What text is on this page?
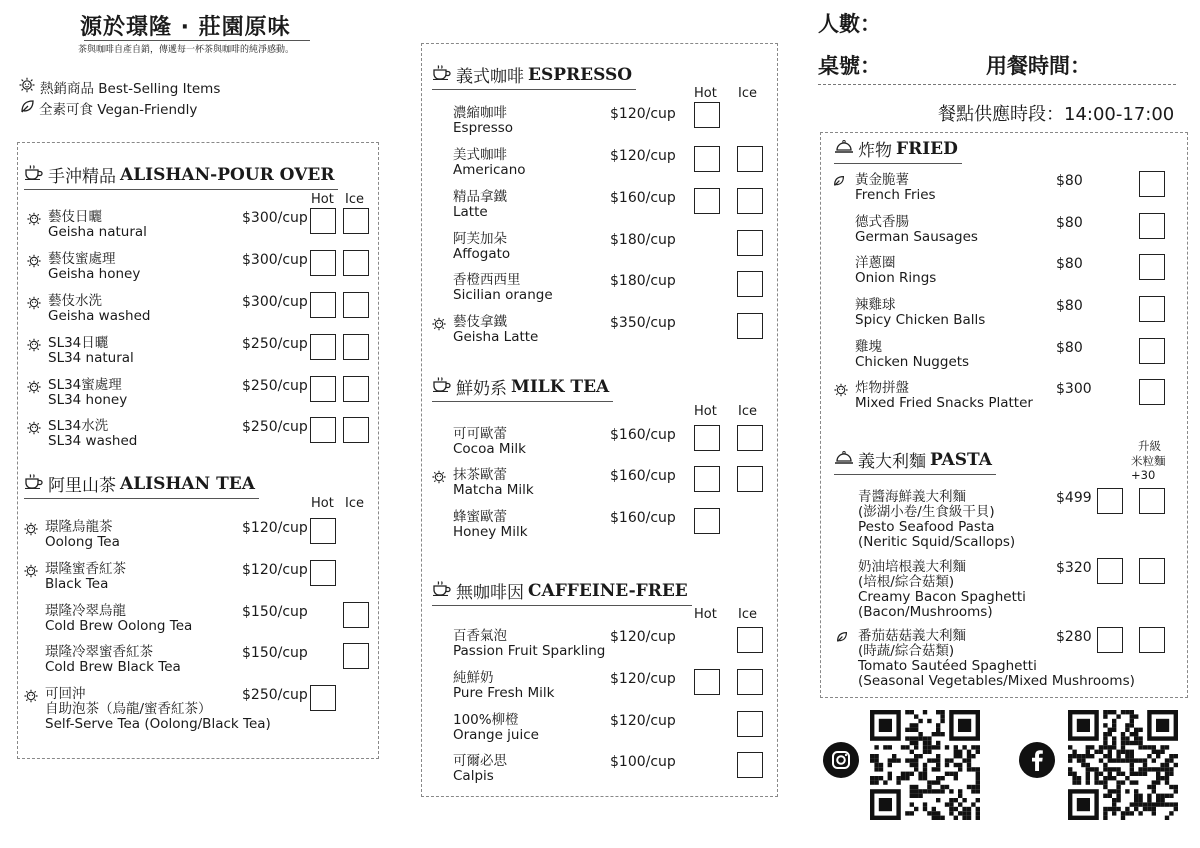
源於璟隆 · 莊園原味
茶與咖啡自產自銷，傳遞每一杯茶與咖啡的純淨感動。
熱銷商品 Best-Selling Items
全素可食 Vegan-Friendly
人數：
桌號：	用餐時間：
餐點供應時段：14:00-17:00
手沖精品 ALISHAN-POUR OVER
Hot Ice
藝伎日曬
Geisha natural
$300/cup
藝伎蜜處理
Geisha honey
$300/cup
藝伎水洗
Geisha washed
$300/cup
SL34日曬
SL34 natural
$250/cup
SL34蜜處理
SL34 honey
$250/cup
SL34水洗
SL34 washed
$250/cup
阿里山茶 ALISHAN TEA
Hot Ice
璟隆烏龍茶
Oolong Tea
$120/cup
璟隆蜜香紅茶
Black Tea
$120/cup
璟隆冷翠烏龍
Cold Brew Oolong Tea
$150/cup
璟隆冷翠蜜香紅茶
Cold Brew Black Tea
$150/cup
可回沖
自助泡茶（烏龍/蜜香紅茶）
Self-Serve Tea (Oolong/Black Tea)
$250/cup
義式咖啡 ESPRESSO
Hot Ice
濃縮咖啡
Espresso
$120/cup
美式咖啡
Americano
$120/cup
精品拿鐵
Latte
$160/cup
阿芙加朵
Affogato
$180/cup
香橙西西里
Sicilian orange
$180/cup
藝伎拿鐵
Geisha Latte
$350/cup
鮮奶系 MILK TEA
Hot Ice
可可歐蕾
Cocoa Milk
$160/cup
抹茶歐蕾
Matcha Milk
$160/cup
蜂蜜歐蕾
Honey Milk
$160/cup
無咖啡因 CAFFEINE-FREE
Hot Ice
百香氣泡
Passion Fruit Sparkling
$120/cup
純鮮奶
Pure Fresh Milk
$120/cup
100%柳橙
Orange juice
$120/cup
可爾必思
Calpis
$100/cup
炸物 FRIED
黃金脆薯
French Fries
$80
德式香腸
German Sausages
$80
洋蔥圈
Onion Rings
$80
辣雞球
Spicy Chicken Balls
$80
雞塊
Chicken Nuggets
$80
炸物拼盤
Mixed Fried Snacks Platter
$300
義大利麵 PASTA
升級
米粒麵
+30
青醬海鮮義大利麵
(澎湖小卷/生食級干貝)
Pesto Seafood Pasta
(Neritic Squid/Scallops)
$499
奶油培根義大利麵
(培根/綜合菇類)
Creamy Bacon Spaghetti
(Bacon/Mushrooms)
$320
番茄菇菇義大利麵
(時蔬/綜合菇類)
Tomato Sautéed Spaghetti
(Seasonal Vegetables/Mixed Mushrooms)
$280
